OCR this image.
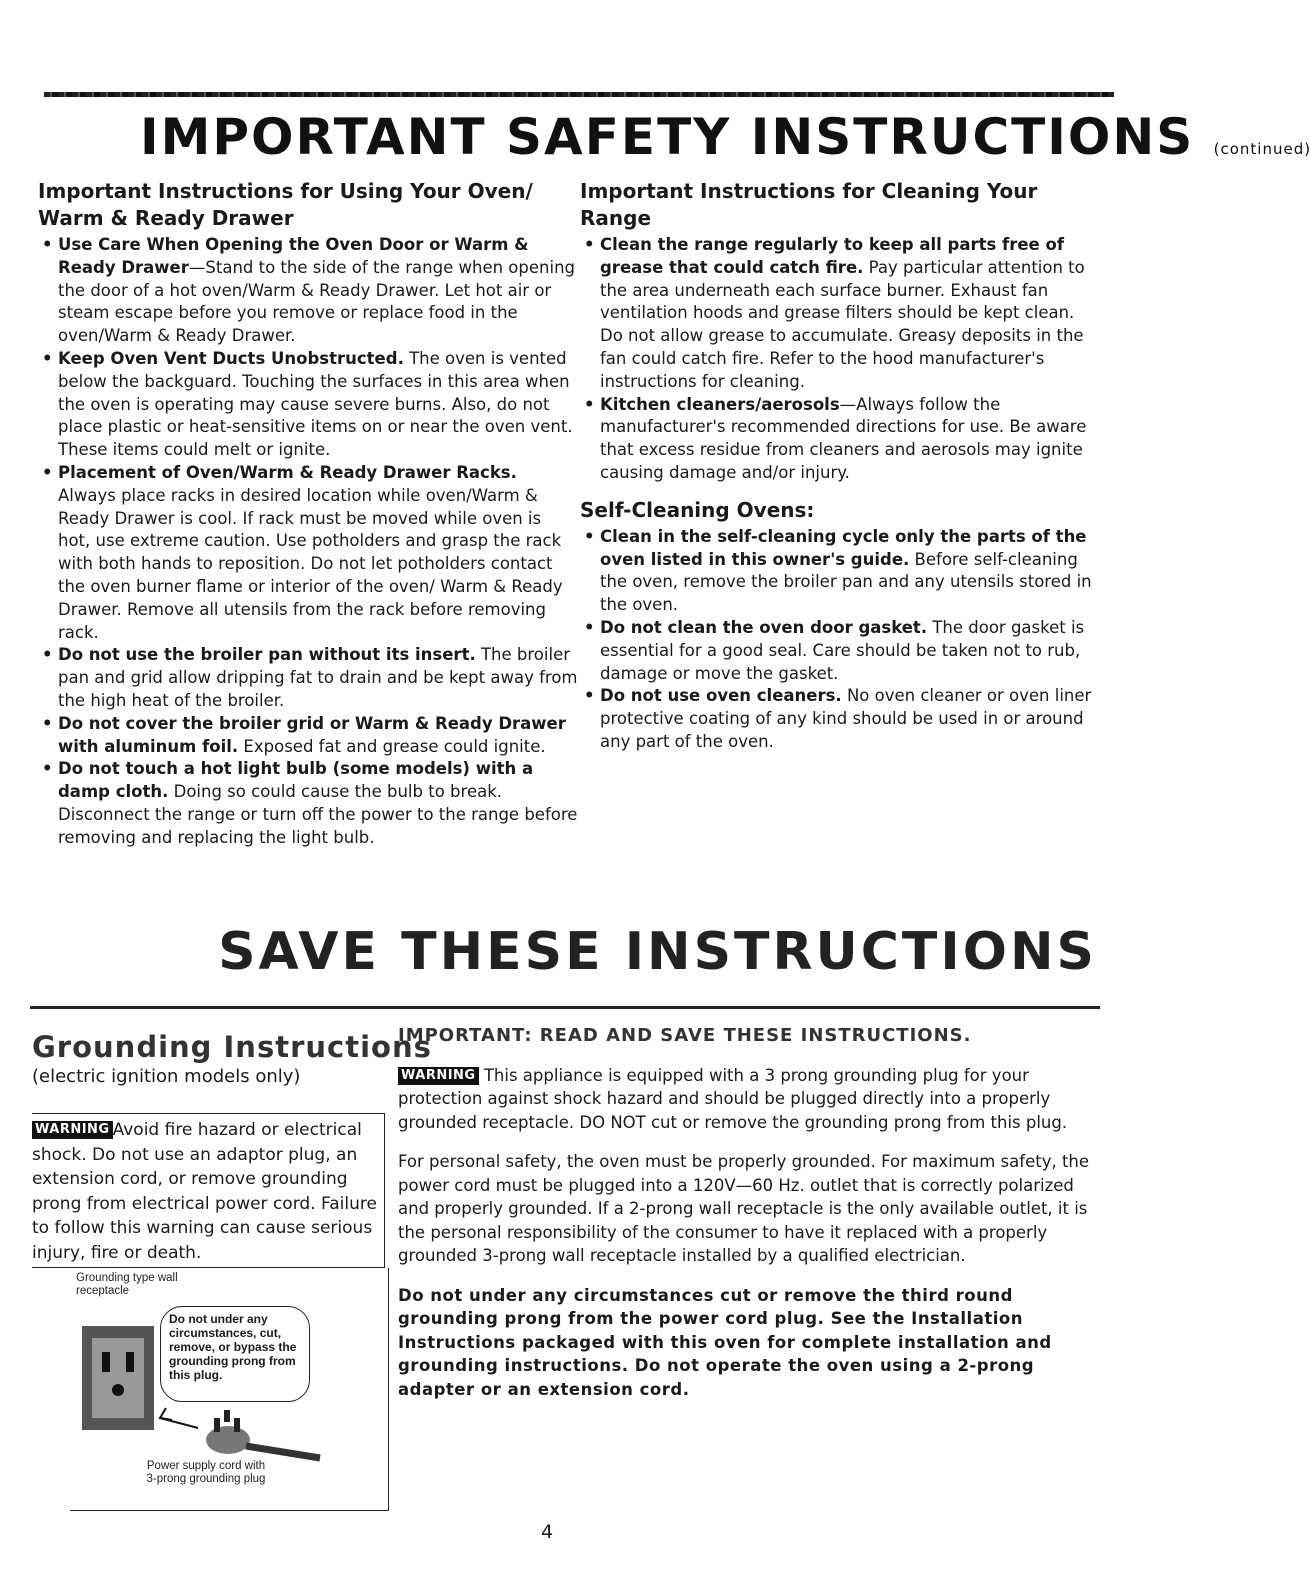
IMPORTANT SAFETY INSTRUCTIONS (continued)
Important Instructions for Using Your Oven/ Warm & Ready Drawer
• Use Care When Opening the Oven Door or Warm & Ready Drawer—Stand to the side of the range when opening the door of a hot oven/Warm & Ready Drawer. Let hot air or steam escape before you remove or replace food in the oven/Warm & Ready Drawer.
• Keep Oven Vent Ducts Unobstructed. The oven is vented below the backguard. Touching the surfaces in this area when the oven is operating may cause severe burns. Also, do not place plastic or heat-sensitive items on or near the oven vent. These items could melt or ignite.
• Placement of Oven/Warm & Ready Drawer Racks. Always place racks in desired location while oven/Warm & Ready Drawer is cool. If rack must be moved while oven is hot, use extreme caution. Use potholders and grasp the rack with both hands to reposition. Do not let potholders contact the oven burner flame or interior of the oven/ Warm & Ready Drawer. Remove all utensils from the rack before removing rack.
• Do not use the broiler pan without its insert. The broiler pan and grid allow dripping fat to drain and be kept away from the high heat of the broiler.
• Do not cover the broiler grid or Warm & Ready Drawer with aluminum foil. Exposed fat and grease could ignite.
• Do not touch a hot light bulb (some models) with a damp cloth. Doing so could cause the bulb to break. Disconnect the range or turn off the power to the range before removing and replacing the light bulb.
Important Instructions for Cleaning Your Range
• Clean the range regularly to keep all parts free of grease that could catch fire. Pay particular attention to the area underneath each surface burner. Exhaust fan ventilation hoods and grease filters should be kept clean. Do not allow grease to accumulate. Greasy deposits in the fan could catch fire. Refer to the hood manufacturer's instructions for cleaning.
• Kitchen cleaners/aerosols—Always follow the manufacturer's recommended directions for use. Be aware that excess residue from cleaners and aerosols may ignite causing damage and/or injury.
Self-Cleaning Ovens:
• Clean in the self-cleaning cycle only the parts of the oven listed in this owner's guide. Before self-cleaning the oven, remove the broiler pan and any utensils stored in the oven.
• Do not clean the oven door gasket. The door gasket is essential for a good seal. Care should be taken not to rub, damage or move the gasket.
• Do not use oven cleaners. No oven cleaner or oven liner protective coating of any kind should be used in or around any part of the oven.
SAVE THESE INSTRUCTIONS
Grounding Instructions

(electric ignition models only)

WARNING Avoid fire hazard or electrical shock. Do not use an adaptor plug, an extension cord, or remove grounding prong from electrical power cord. Failure to follow this warning can cause serious injury, fire or death.
Grounding type wall receptacle
Do not under any circumstances, cut, remove, or bypass the grounding prong from this plug.
Power supply cord with 3-prong grounding plug

IMPORTANT: READ AND SAVE THESE INSTRUCTIONS.

WARNING This appliance is equipped with a 3 prong grounding plug for your protection against shock hazard and should be plugged directly into a properly grounded receptacle. DO NOT cut or remove the grounding prong from this plug.

For personal safety, the oven must be properly grounded. For maximum safety, the power cord must be plugged into a 120V—60 Hz. outlet that is correctly polarized and properly grounded. If a 2-prong wall receptacle is the only available outlet, it is the personal responsibility of the consumer to have it replaced with a properly grounded 3-prong wall receptacle installed by a qualified electrician.

Do not under any circumstances cut or remove the third round grounding prong from the power cord plug. See the Installation Instructions packaged with this oven for complete installation and grounding instructions. Do not operate the oven using a 2-prong adapter or an extension cord.

4
